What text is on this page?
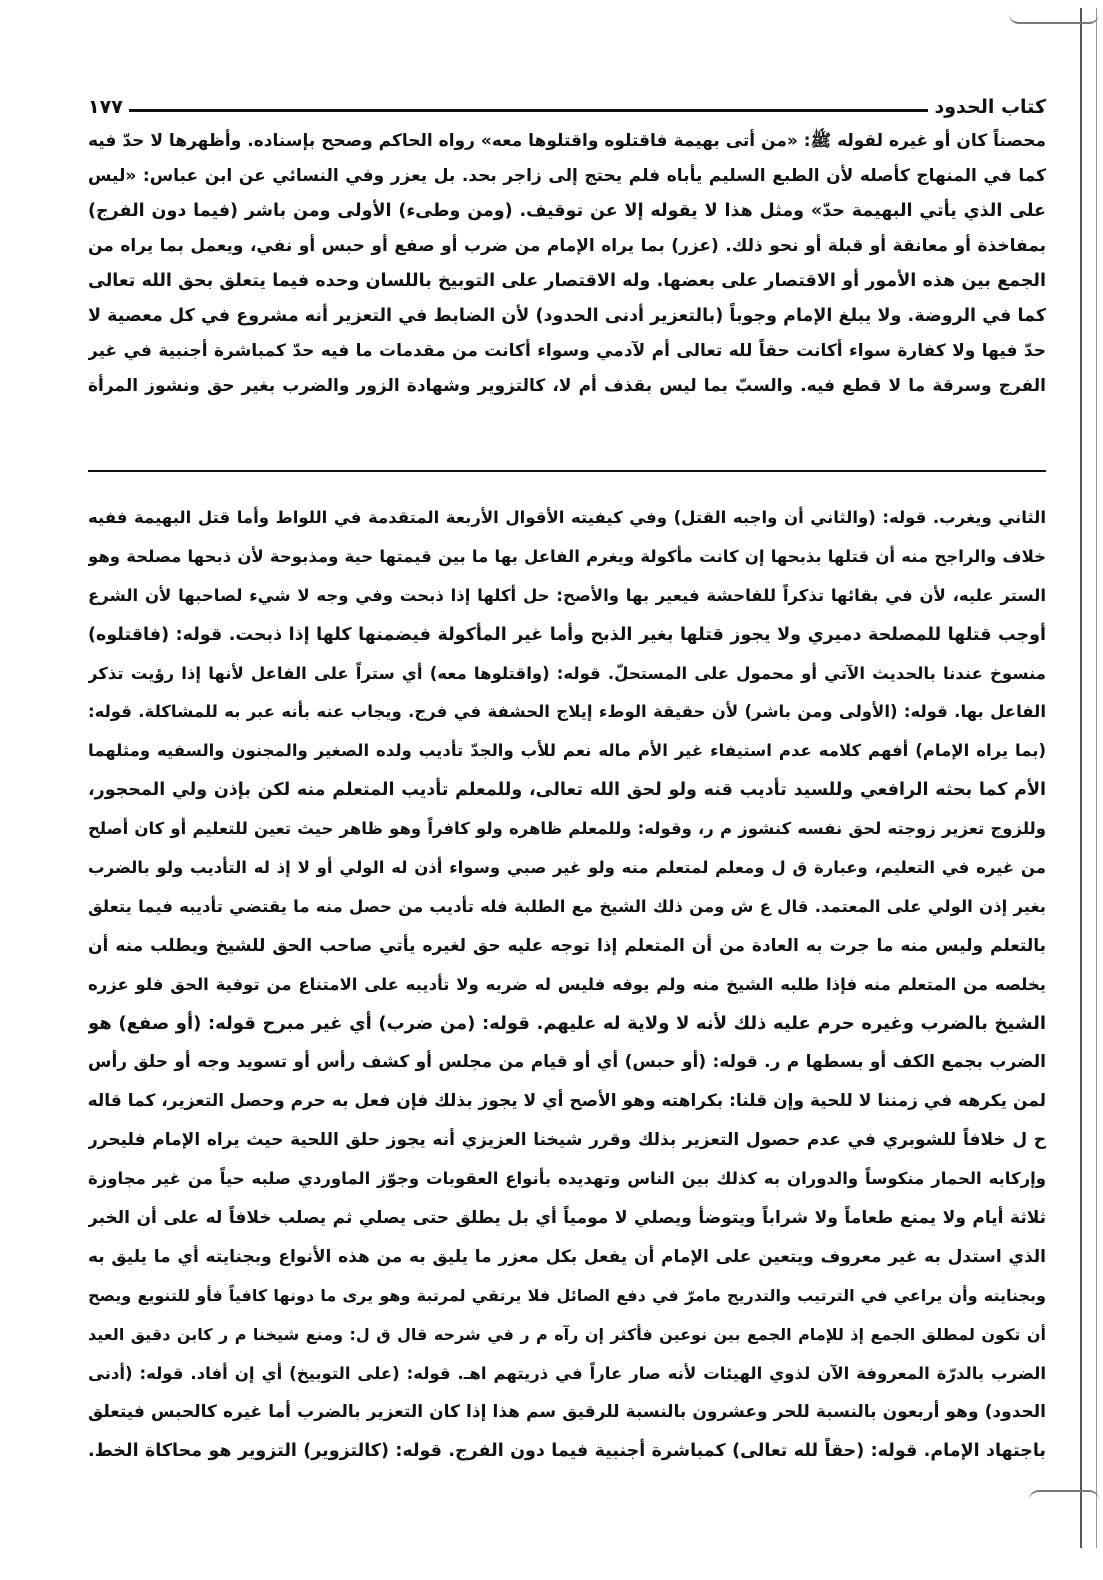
كتاب الحدود
١٧٧
محصناً كان أو غيره لقوله ﷺ: «من أتى بهيمة فاقتلوه واقتلوها معه» رواه الحاكم وصحح بإسناده. وأظهرها لا حدّ فيه
كما في المنهاج كأصله لأن الطبع السليم يأباه فلم يحتج إلى زاجر بحد. بل يعزر وفي النسائي عن ابن عباس: «ليس
على الذي يأتي البهيمة حدّ» ومثل هذا لا يقوله إلا عن توقيف. (ومن وطىء) الأولى ومن باشر (فيما دون الفرج)
بمفاخذة أو معانقة أو قبلة أو نحو ذلك. (عزر) بما يراه الإمام من ضرب أو صفع أو حبس أو نفي، ويعمل بما يراه من
الجمع بين هذه الأمور أو الاقتصار على بعضها. وله الاقتصار على التوبيخ باللسان وحده فيما يتعلق بحق الله تعالى
كما في الروضة. ولا يبلغ الإمام وجوباً (بالتعزير أدنى الحدود) لأن الضابط في التعزير أنه مشروع في كل معصية لا
حدّ فيها ولا كفارة سواء أكانت حقاً لله تعالى أم لآدمي وسواء أكانت من مقدمات ما فيه حدّ كمباشرة أجنبية في غير
الفرج وسرقة ما لا قطع فيه. والسبّ بما ليس بقذف أم لا، كالتزوير وشهادة الزور والضرب بغير حق ونشوز المرأة
الثاني ويغرب. قوله: (والثاني أن واجبه القتل) وفي كيفيته الأقوال الأربعة المتقدمة في اللواط وأما قتل البهيمة ففيه
خلاف والراجح منه أن قتلها بذبحها إن كانت مأكولة ويغرم الفاعل بها ما بين قيمتها حية ومذبوحة لأن ذبحها مصلحة وهو
الستر عليه، لأن في بقائها تذكراً للفاحشة فيعير بها والأصح: حل أكلها إذا ذبحت وفي وجه لا شيء لصاحبها لأن الشرع
أوجب قتلها للمصلحة دميري ولا يجوز قتلها بغير الذبح وأما غير المأكولة فيضمنها كلها إذا ذبحت. قوله: (فاقتلوه)
منسوخ عندنا بالحديث الآتي أو محمول على المستحلّ. قوله: (واقتلوها معه) أي ستراً على الفاعل لأنها إذا رؤيت تذكر
الفاعل بها. قوله: (الأولى ومن باشر) لأن حقيقة الوطء إيلاج الحشفة في فرج. ويجاب عنه بأنه عبر به للمشاكلة. قوله:
(بما يراه الإمام) أفهم كلامه عدم استيفاء غير الأم ماله نعم للأب والجدّ تأديب ولده الصغير والمجنون والسفيه ومثلهما
الأم كما بحثه الرافعي وللسيد تأديب قنه ولو لحق الله تعالى، وللمعلم تأديب المتعلم منه لكن بإذن ولي المحجور،
وللزوج تعزير زوجته لحق نفسه كنشوز م ر، وقوله: وللمعلم ظاهره ولو كافراً وهو ظاهر حيث تعين للتعليم أو كان أصلح
من غيره في التعليم، وعبارة ق ل ومعلم لمتعلم منه ولو غير صبي وسواء أذن له الولي أو لا إذ له التأديب ولو بالضرب
بغير إذن الولي على المعتمد. قال ع ش ومن ذلك الشيخ مع الطلبة فله تأديب من حصل منه ما يقتضي تأديبه فيما يتعلق
بالتعلم وليس منه ما جرت به العادة من أن المتعلم إذا توجه عليه حق لغيره يأتي صاحب الحق للشيخ ويطلب منه أن
يخلصه من المتعلم منه فإذا طلبه الشيخ منه ولم يوفه فليس له ضربه ولا تأديبه على الامتناع من توفية الحق فلو عزره
الشيخ بالضرب وغيره حرم عليه ذلك لأنه لا ولاية له عليهم. قوله: (من ضرب) أي غير مبرح قوله: (أو صفع) هو
الضرب بجمع الكف أو بسطها م ر. قوله: (أو حبس) أي أو قيام من مجلس أو كشف رأس أو تسويد وجه أو حلق رأس
لمن يكرهه في زمننا لا للحية وإن قلنا: بكراهته وهو الأصح أي لا يجوز بذلك فإن فعل به حرم وحصل التعزير، كما قاله
ح ل خلافاً للشوبري في عدم حصول التعزير بذلك وقرر شيخنا العزيزي أنه يجوز حلق اللحية حيث يراه الإمام فليحرر
وإركابه الحمار منكوساً والدوران به كذلك بين الناس وتهديده بأنواع العقوبات وجوّز الماوردي صلبه حياً من غير مجاوزة
ثلاثة أيام ولا يمنع طعاماً ولا شراباً ويتوضأ ويصلي لا مومياً أي بل يطلق حتى يصلي ثم يصلب خلافاً له على أن الخبر
الذي استدل به غير معروف ويتعين على الإمام أن يفعل بكل معزر ما يليق به من هذه الأنواع وبجنايته أي ما يليق به
وبجنايته وأن يراعي في الترتيب والتدريج مامرّ في دفع الصائل فلا يرتقي لمرتبة وهو يرى ما دونها كافياً فأو للتنويع ويصح
أن تكون لمطلق الجمع إذ للإمام الجمع بين نوعين فأكثر إن رآه م ر في شرحه قال ق ل: ومنع شيخنا م ر كابن دقيق العيد
الضرب بالدرّة المعروفة الآن لذوي الهيئات لأنه صار عاراً في ذريتهم اهـ. قوله: (على التوبيخ) أي إن أفاد. قوله: (أدنى
الحدود) وهو أربعون بالنسبة للحر وعشرون بالنسبة للرقيق سم هذا إذا كان التعزير بالضرب أما غيره كالحبس فيتعلق
باجتهاد الإمام. قوله: (حقاً لله تعالى) كمباشرة أجنبية فيما دون الفرج. قوله: (كالتزوير) التزوير هو محاكاة الخط.
